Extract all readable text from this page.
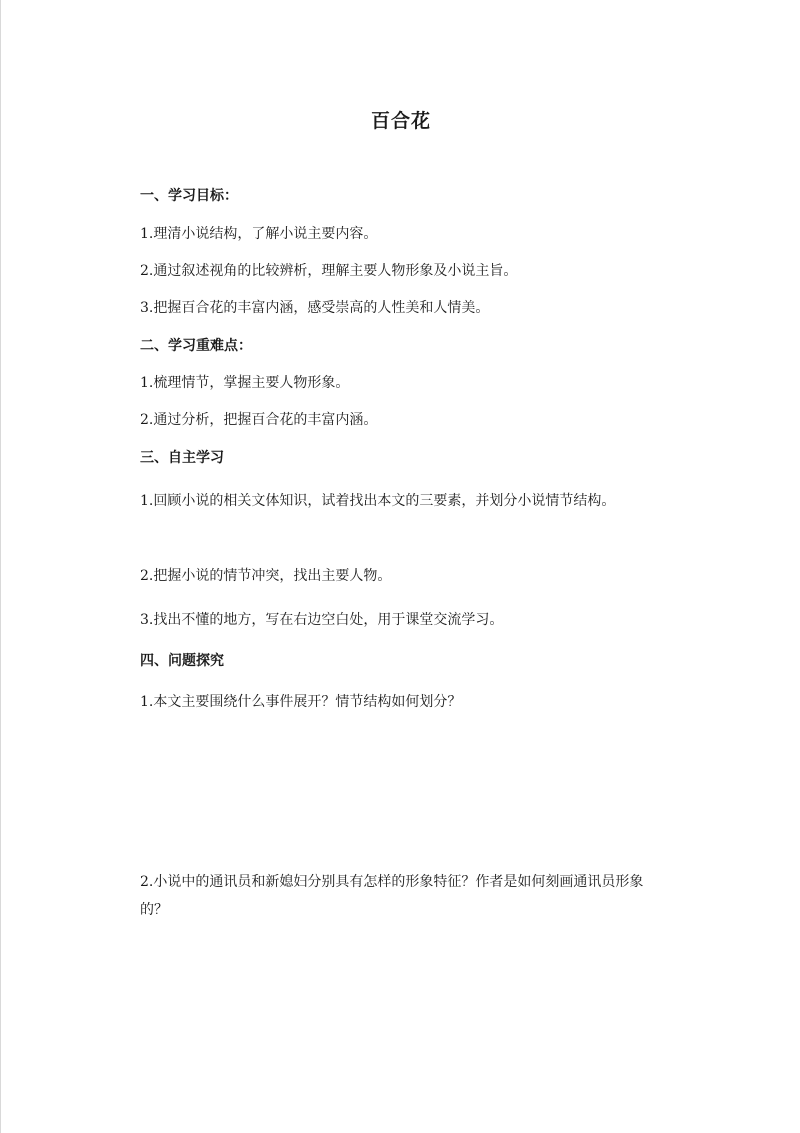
百合花
一、学习目标：
1.理清小说结构，了解小说主要内容。
2.通过叙述视角的比较辨析，理解主要人物形象及小说主旨。
3.把握百合花的丰富内涵，感受崇高的人性美和人情美。
二、学习重难点：
1.梳理情节，掌握主要人物形象。
2.通过分析，把握百合花的丰富内涵。
三、自主学习
1.回顾小说的相关文体知识，试着找出本文的三要素，并划分小说情节结构。
2.把握小说的情节冲突，找出主要人物。
3.找出不懂的地方，写在右边空白处，用于课堂交流学习。
四、问题探究
1.本文主要围绕什么事件展开？情节结构如何划分？
2.小说中的通讯员和新媳妇分别具有怎样的形象特征？作者是如何刻画通讯员形象的？
